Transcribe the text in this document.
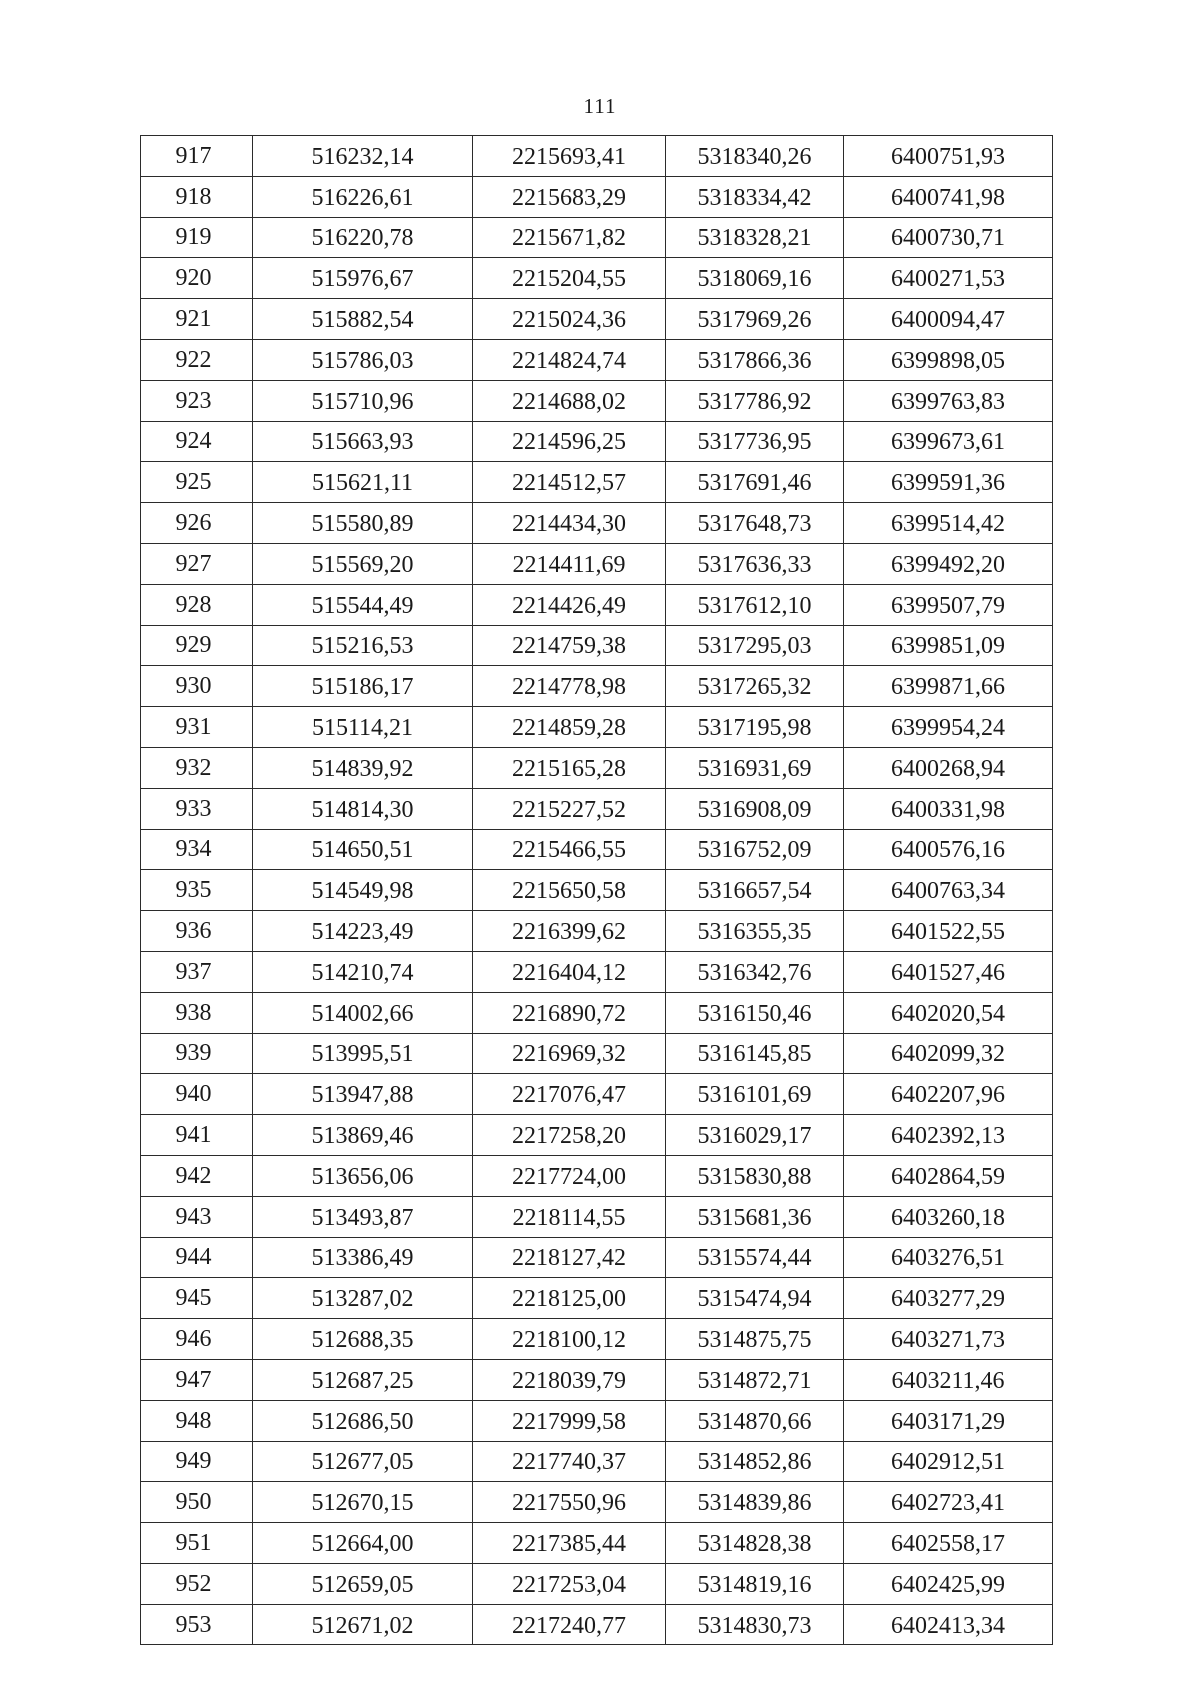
111
917	516232,14	2215693,41	5318340,26	6400751,93
918	516226,61	2215683,29	5318334,42	6400741,98
919	516220,78	2215671,82	5318328,21	6400730,71
920	515976,67	2215204,55	5318069,16	6400271,53
921	515882,54	2215024,36	5317969,26	6400094,47
922	515786,03	2214824,74	5317866,36	6399898,05
923	515710,96	2214688,02	5317786,92	6399763,83
924	515663,93	2214596,25	5317736,95	6399673,61
925	515621,11	2214512,57	5317691,46	6399591,36
926	515580,89	2214434,30	5317648,73	6399514,42
927	515569,20	2214411,69	5317636,33	6399492,20
928	515544,49	2214426,49	5317612,10	6399507,79
929	515216,53	2214759,38	5317295,03	6399851,09
930	515186,17	2214778,98	5317265,32	6399871,66
931	515114,21	2214859,28	5317195,98	6399954,24
932	514839,92	2215165,28	5316931,69	6400268,94
933	514814,30	2215227,52	5316908,09	6400331,98
934	514650,51	2215466,55	5316752,09	6400576,16
935	514549,98	2215650,58	5316657,54	6400763,34
936	514223,49	2216399,62	5316355,35	6401522,55
937	514210,74	2216404,12	5316342,76	6401527,46
938	514002,66	2216890,72	5316150,46	6402020,54
939	513995,51	2216969,32	5316145,85	6402099,32
940	513947,88	2217076,47	5316101,69	6402207,96
941	513869,46	2217258,20	5316029,17	6402392,13
942	513656,06	2217724,00	5315830,88	6402864,59
943	513493,87	2218114,55	5315681,36	6403260,18
944	513386,49	2218127,42	5315574,44	6403276,51
945	513287,02	2218125,00	5315474,94	6403277,29
946	512688,35	2218100,12	5314875,75	6403271,73
947	512687,25	2218039,79	5314872,71	6403211,46
948	512686,50	2217999,58	5314870,66	6403171,29
949	512677,05	2217740,37	5314852,86	6402912,51
950	512670,15	2217550,96	5314839,86	6402723,41
951	512664,00	2217385,44	5314828,38	6402558,17
952	512659,05	2217253,04	5314819,16	6402425,99
953	512671,02	2217240,77	5314830,73	6402413,34
